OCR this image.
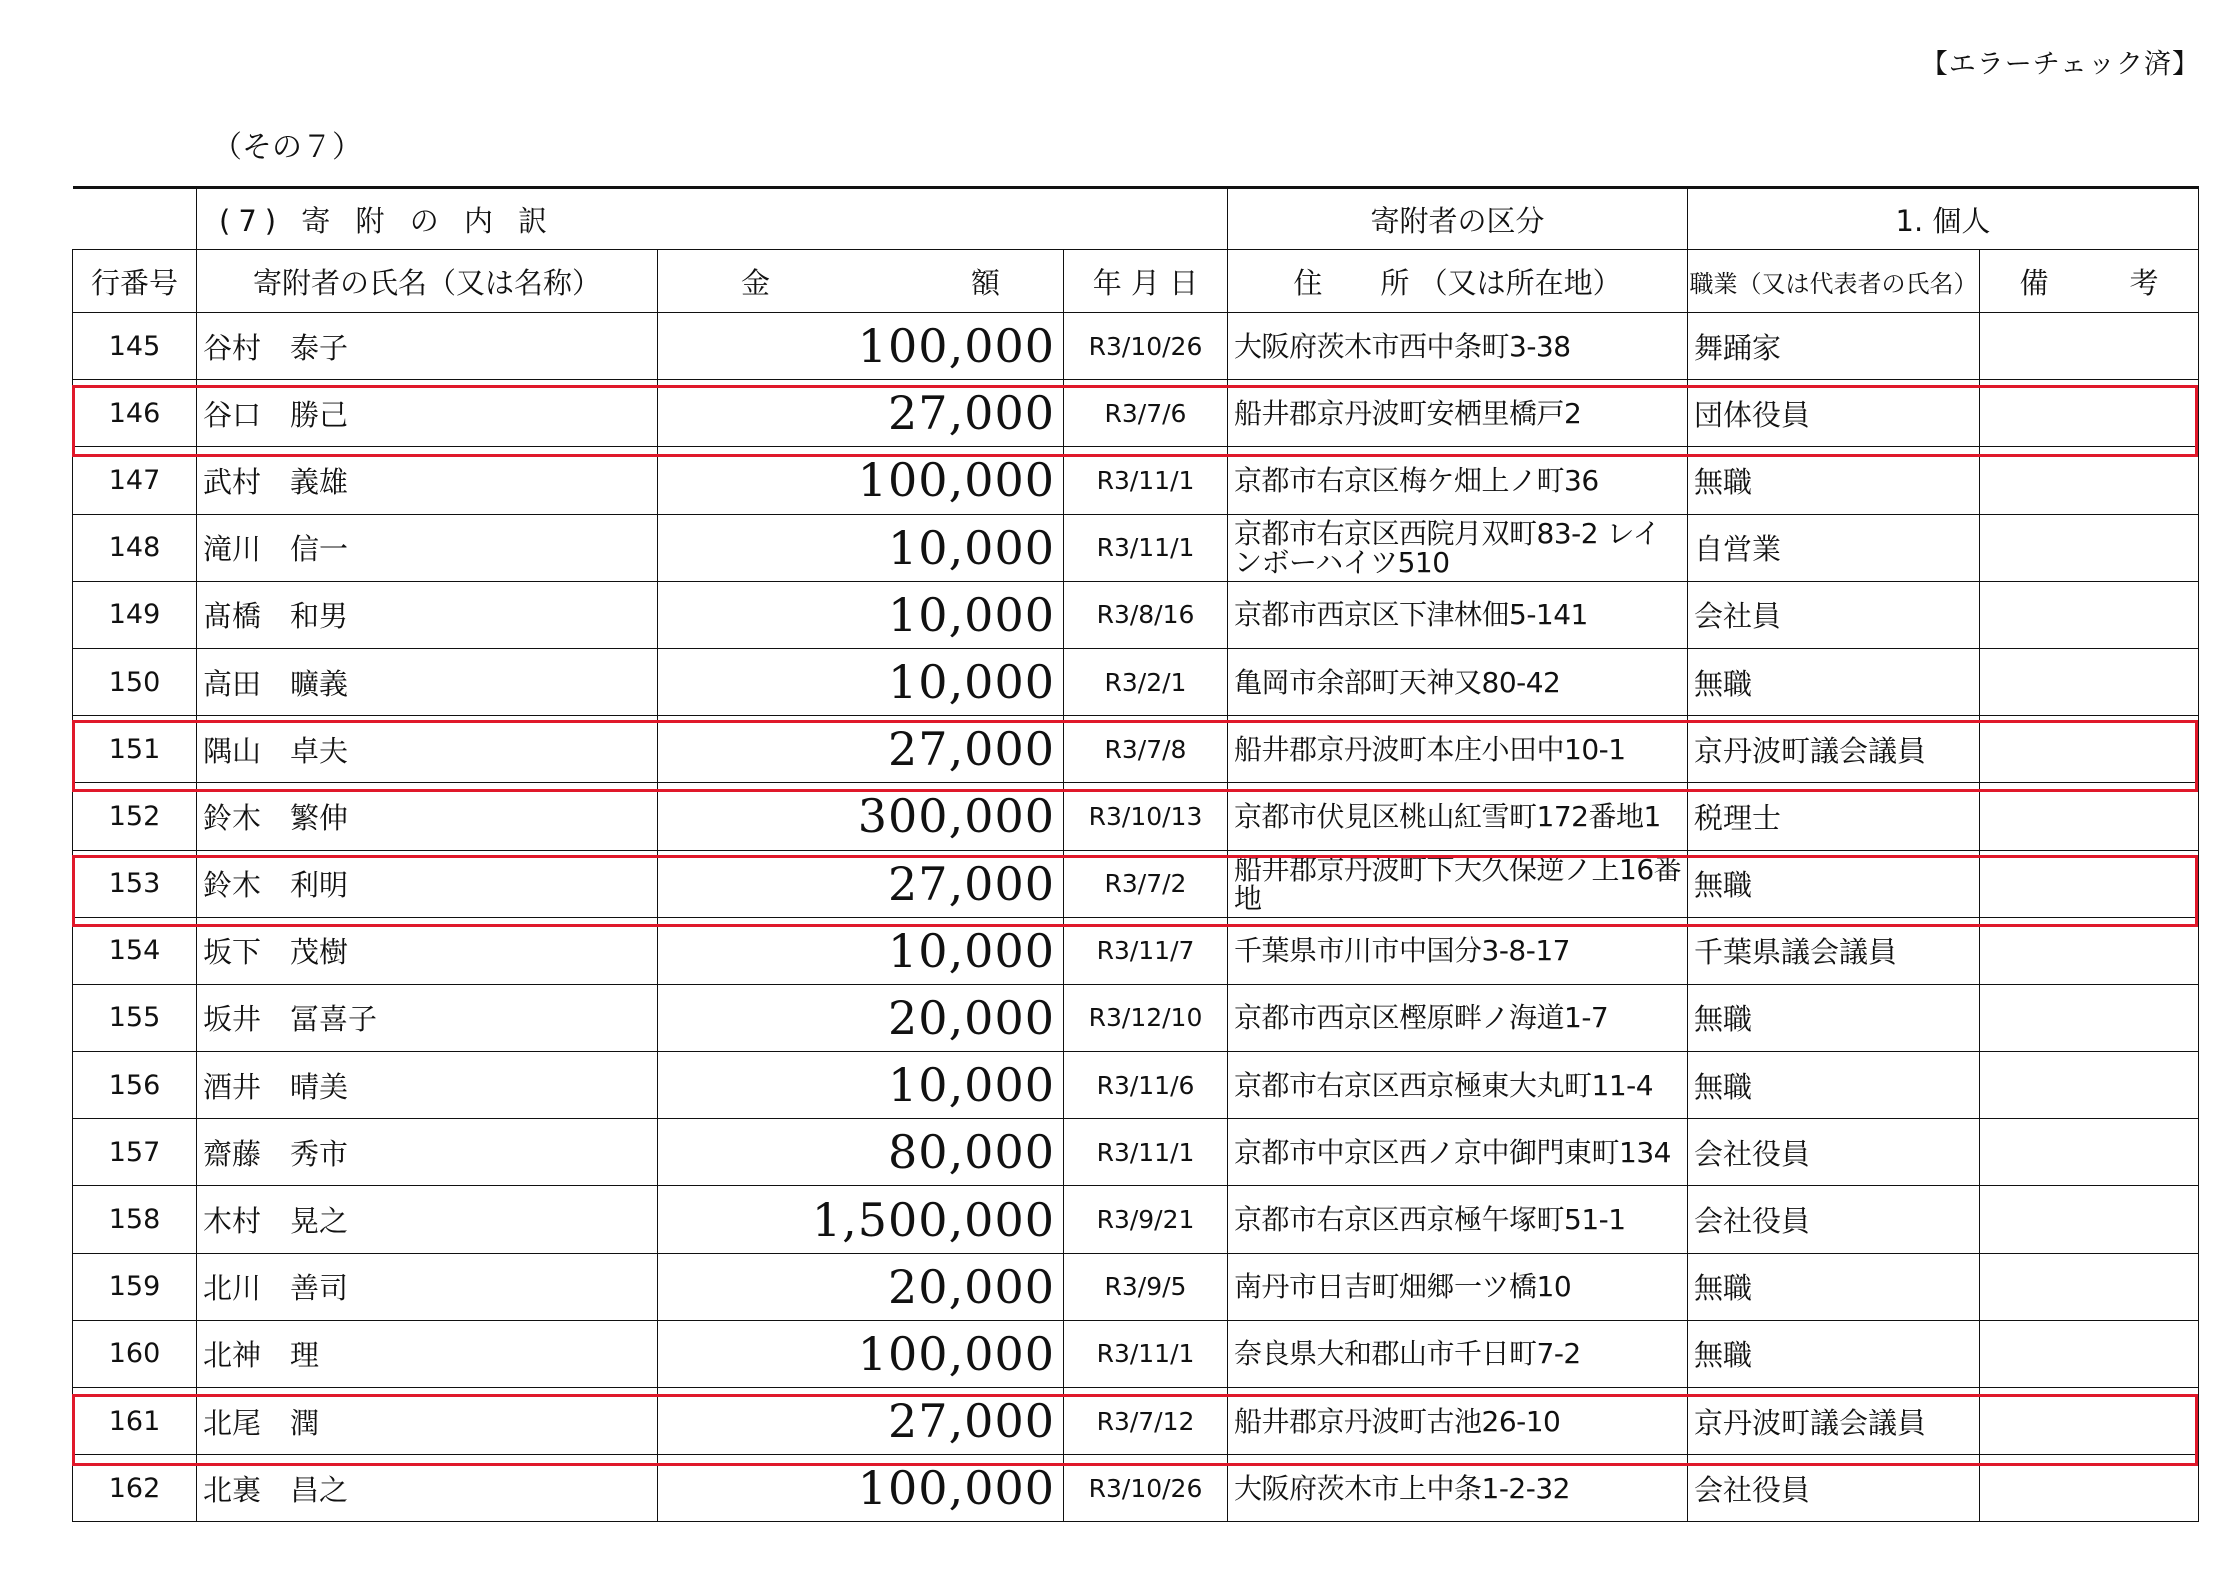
【エラーチェック済】
（その７）
	(7) 寄 附 の 内 訳			寄附者の区分	1. 個人	
行番号	寄附者の氏名（又は名称）	金 額	年 月 日	住　　所 （又は所在地）	職業（又は代表者の氏名）	備 考
145	谷村　泰子	100,000	R3/10/26	大阪府茨木市西中条町3-38	舞踊家	
146	谷口　勝己	27,000	R3/7/6	船井郡京丹波町安栖里橋戸2	団体役員	
147	武村　義雄	100,000	R3/11/1	京都市右京区梅ケ畑上ノ町36	無職	
148	滝川　信一	10,000	R3/11/1	京都市右京区西院月双町83-2 レインボーハイツ510	自営業	
149	髙橋　和男	10,000	R3/8/16	京都市西京区下津林佃5-141	会社員	
150	高田　曠義	10,000	R3/2/1	亀岡市余部町天神又80-42	無職	
151	隅山　卓夫	27,000	R3/7/8	船井郡京丹波町本庄小田中10-1	京丹波町議会議員	
152	鈴木　繁伸	300,000	R3/10/13	京都市伏見区桃山紅雪町172番地1	税理士	
153	鈴木　利明	27,000	R3/7/2	船井郡京丹波町下大久保逆ノ上16番地	無職	
154	坂下　茂樹	10,000	R3/11/7	千葉県市川市中国分3-8-17	千葉県議会議員	
155	坂井　冨喜子	20,000	R3/12/10	京都市西京区樫原畔ノ海道1-7	無職	
156	酒井　晴美	10,000	R3/11/6	京都市右京区西京極東大丸町11-4	無職	
157	齋藤　秀市	80,000	R3/11/1	京都市中京区西ノ京中御門東町134	会社役員	
158	木村　晃之	1,500,000	R3/9/21	京都市右京区西京極午塚町51-1	会社役員	
159	北川　善司	20,000	R3/9/5	南丹市日吉町畑郷一ツ橋10	無職	
160	北神　理	100,000	R3/11/1	奈良県大和郡山市千日町7-2	無職	
161	北尾　潤	27,000	R3/7/12	船井郡京丹波町古池26-10	京丹波町議会議員	
162	北裏　昌之	100,000	R3/10/26	大阪府茨木市上中条1-2-32	会社役員	
